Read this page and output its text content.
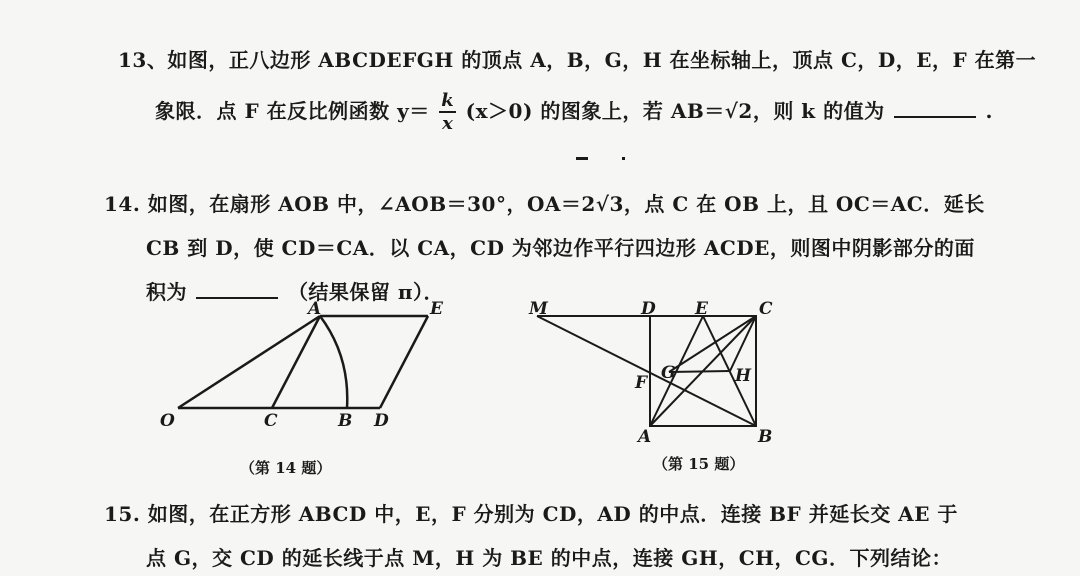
13、如图，正八边形 ABCDEFGH 的顶点 A，B，G，H 在坐标轴上，顶点 C，D，E，F 在第一
象限．点 F 在反比例函数 $y= \frac{k}{x} (x>0)$ 的图象上，若 AB＝√2，则 k 的值为	.
14. 如图，在扇形 AOB 中，∠AOB＝30°，OA＝2√3，点 C 在 OB 上，且 OC＝AC．延长
CB 到 D，使 CD＝CA．以 CA，CD 为邻边作平行四边形 ACDE，则图中阴影部分的面
积为	（结果保留 π）．
O	C	B D
A	E
（第 14 题）
M	D E	C
F G	H
A	B
（第 15 题）
15. 如图，在正方形 ABCD 中，E，F 分别为 CD，AD 的中点．连接 BF 并延长交 AE 于
点 G，交 CD 的延长线于点 M，H 为 BE 的中点，连接 GH，CH，CG．下列结论：
